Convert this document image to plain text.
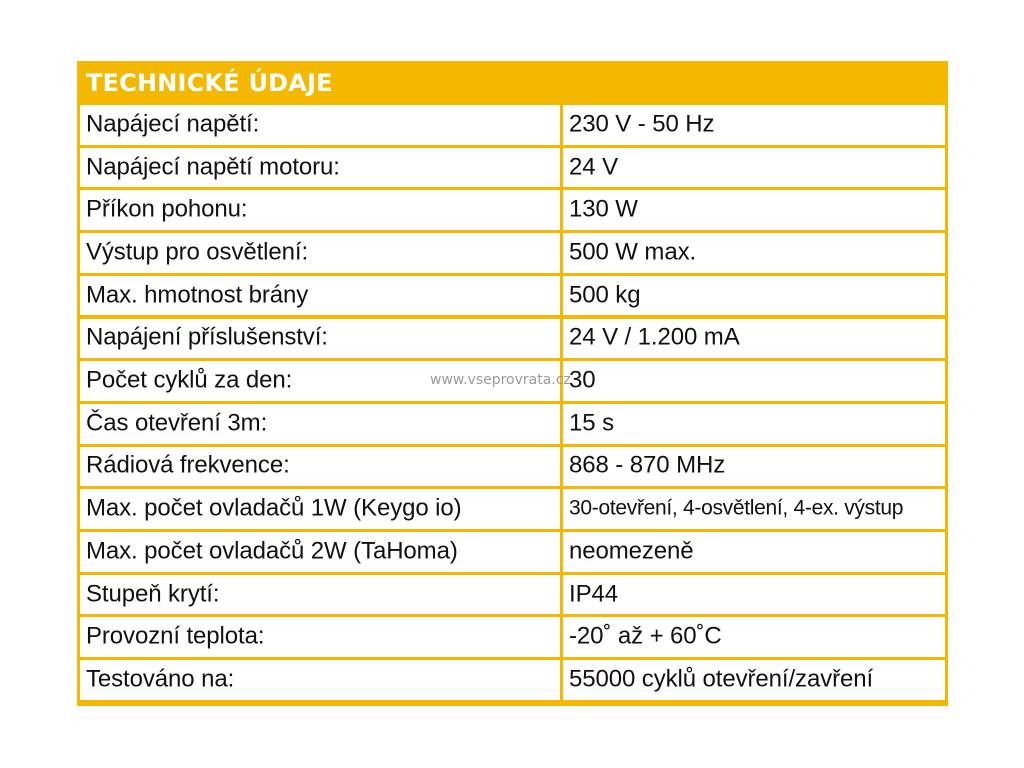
TECHNICKÉ ÚDAJE
Napájecí napětí:	230 V - 50 Hz
Napájecí napětí motoru:	24 V
Příkon pohonu:	130 W
Výstup pro osvětlení:	500 W max.
Max. hmotnost brány	500 kg
Napájení příslušenství:	24 V / 1.200 mA
Počet cyklů za den:	30
Čas otevření 3m:	15 s
Rádiová frekvence:	868 - 870 MHz
Max. počet ovladačů 1W (Keygo io)	30-otevření, 4-osvětlení, 4-ex. výstup
Max. počet ovladačů 2W (TaHoma)	neomezeně
Stupeň krytí:	IP44
Provozní teplota:	-20˚ až + 60˚C
Testováno na:	55000 cyklů otevření/zavření
www.vseprovrata.cz
